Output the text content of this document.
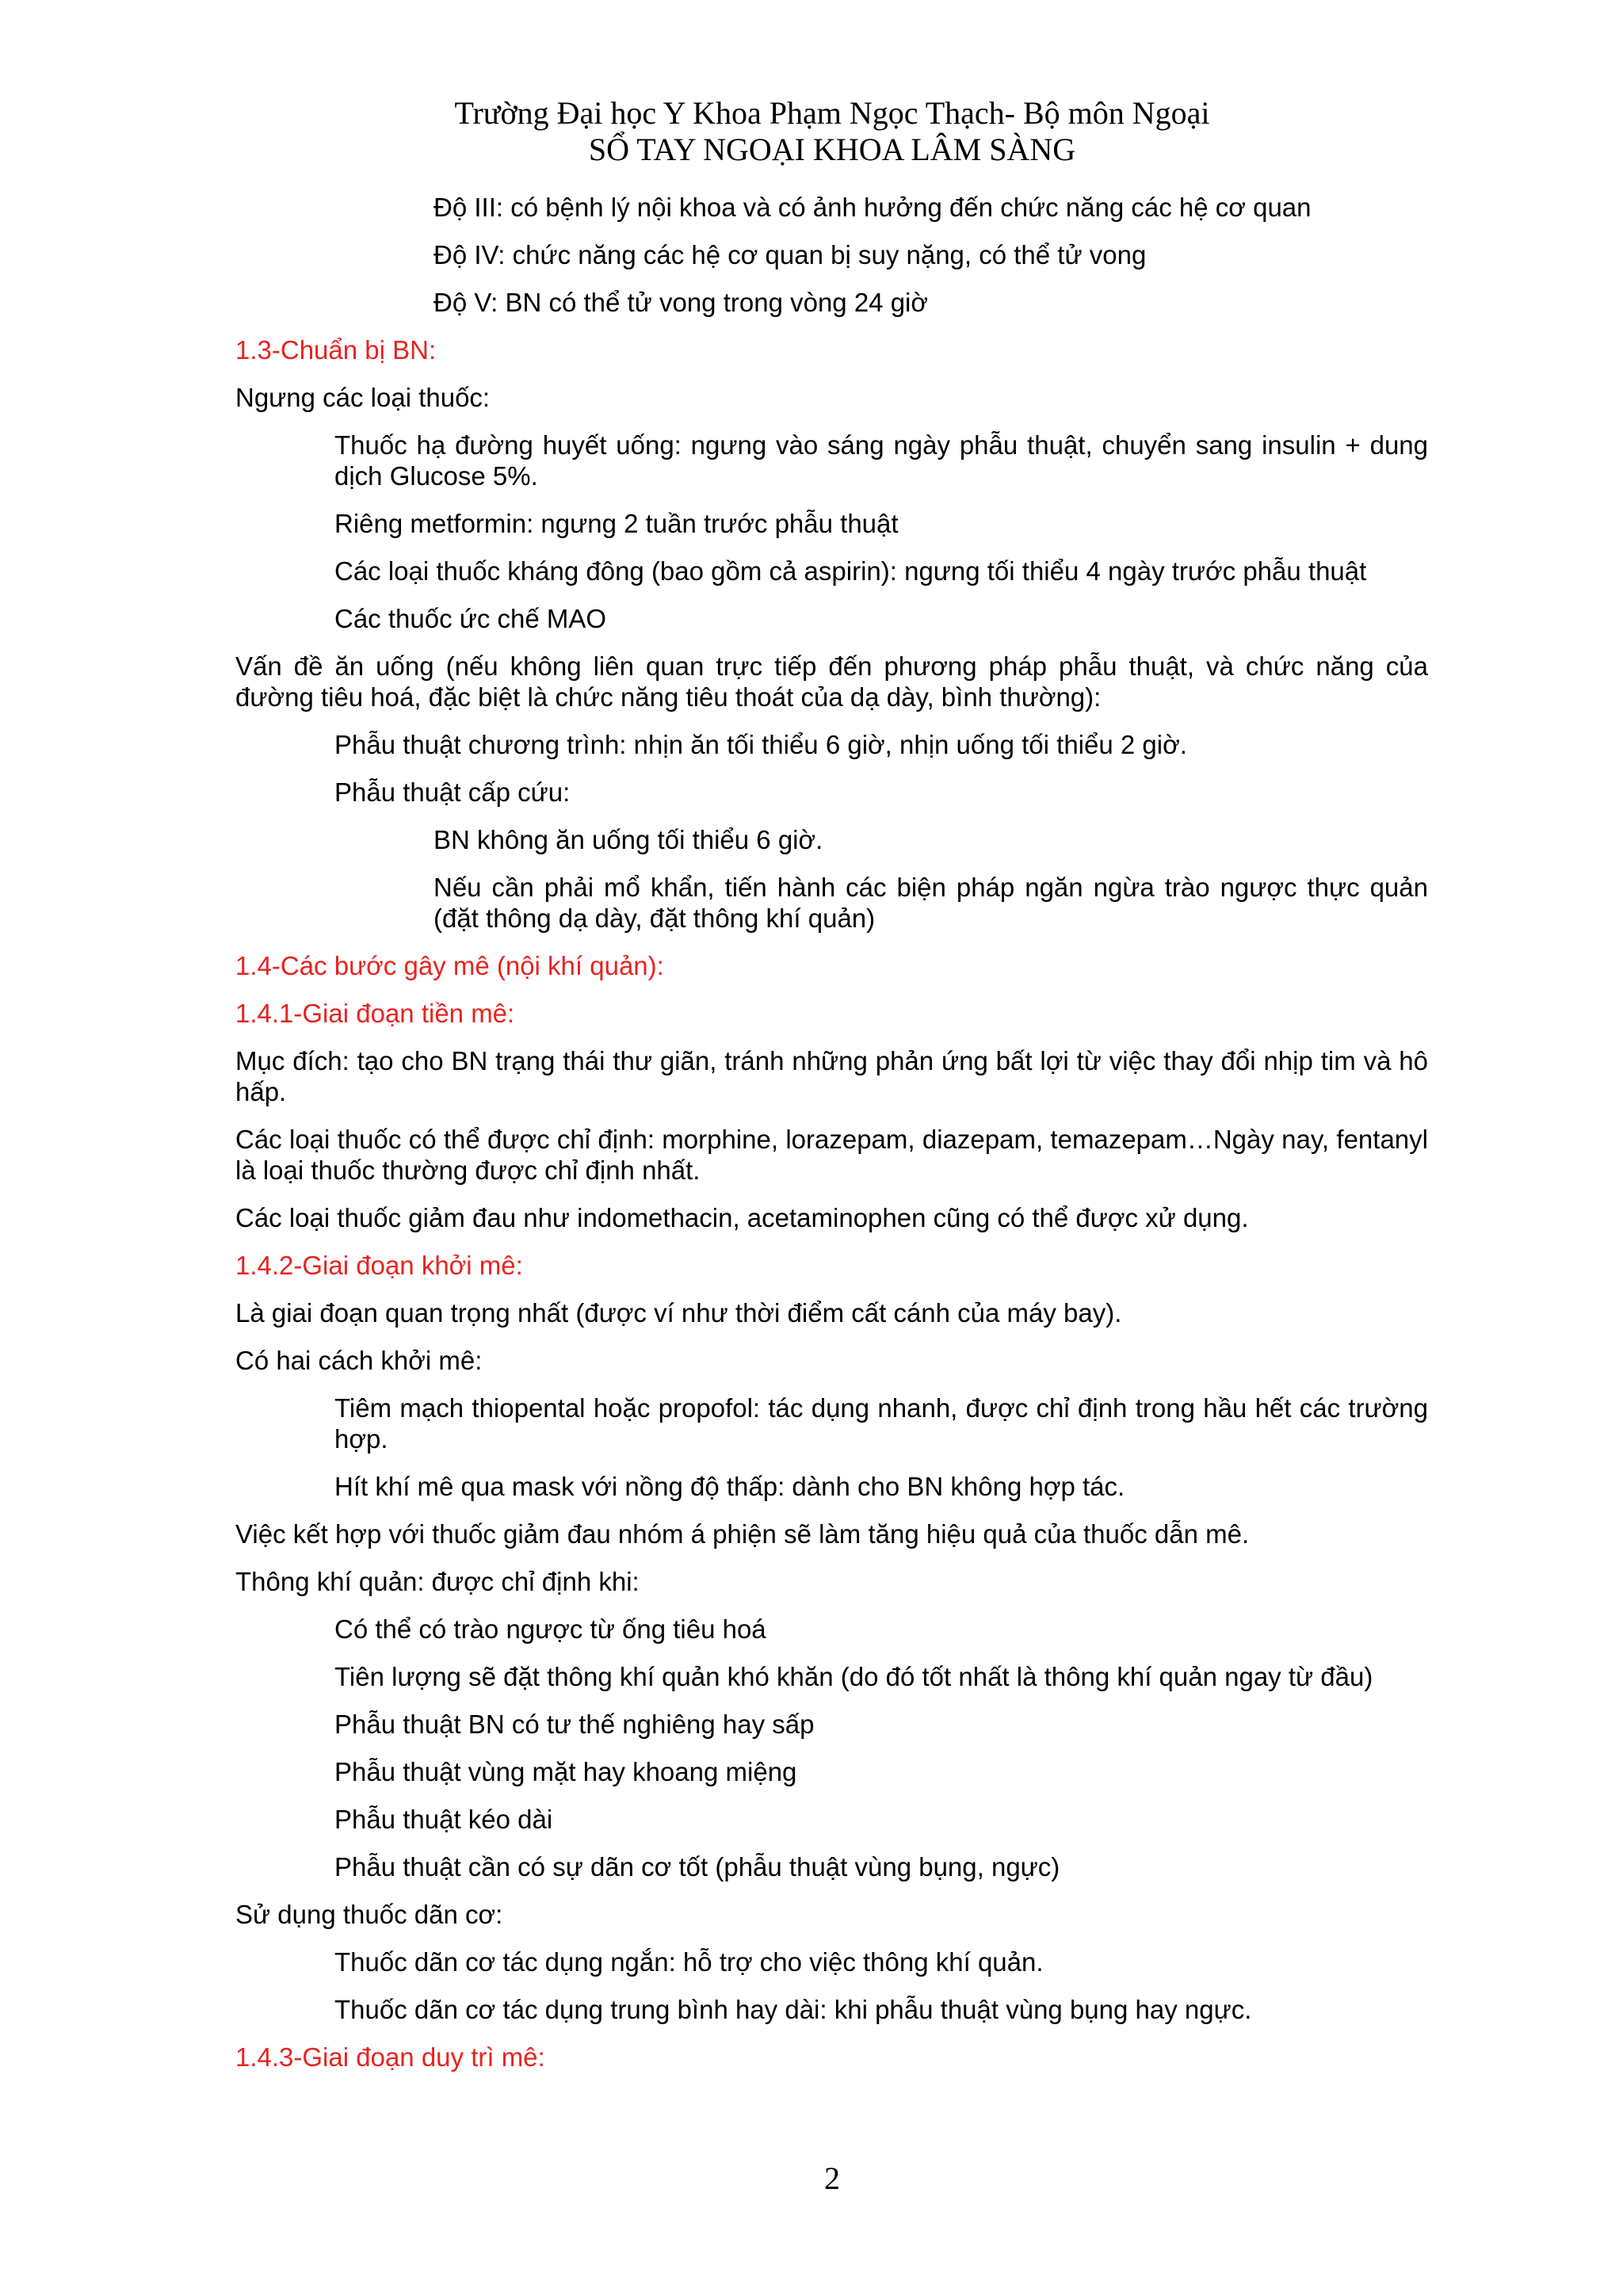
Trường Đại học Y Khoa Phạm Ngọc Thạch- Bộ môn Ngoại
SỔ TAY NGOẠI KHOA LÂM SÀNG

Độ III: có bệnh lý nội khoa và có ảnh hưởng đến chức năng các hệ cơ quan

Độ IV: chức năng các hệ cơ quan bị suy nặng, có thể tử vong

Độ V: BN có thể tử vong trong vòng 24 giờ

1.3-Chuẩn bị BN:

Ngưng các loại thuốc:

Thuốc hạ đường huyết uống: ngưng vào sáng ngày phẫu thuật, chuyển sang insulin + dung dịch Glucose 5%.

Riêng metformin: ngưng 2 tuần trước phẫu thuật

Các loại thuốc kháng đông (bao gồm cả aspirin): ngưng tối thiểu 4 ngày trước phẫu thuật

Các thuốc ức chế MAO

Vấn đề ăn uống (nếu không liên quan trực tiếp đến phương pháp phẫu thuật, và chức năng của đường tiêu hoá, đặc biệt là chức năng tiêu thoát của dạ dày, bình thường):

Phẫu thuật chương trình: nhịn ăn tối thiểu 6 giờ, nhịn uống tối thiểu 2 giờ.

Phẫu thuật cấp cứu:

BN không ăn uống tối thiểu 6 giờ.

Nếu cần phải mổ khẩn, tiến hành các biện pháp ngăn ngừa trào ngược thực quản (đặt thông dạ dày, đặt thông khí quản)

1.4-Các bước gây mê (nội khí quản):

1.4.1-Giai đoạn tiền mê:

Mục đích: tạo cho BN trạng thái thư giãn, tránh những phản ứng bất lợi từ việc thay đổi nhịp tim và hô hấp.

Các loại thuốc có thể được chỉ định: morphine, lorazepam, diazepam, temazepam…Ngày nay, fentanyl là loại thuốc thường được chỉ định nhất.

Các loại thuốc giảm đau như indomethacin, acetaminophen cũng có thể được xử dụng.

1.4.2-Giai đoạn khởi mê:

Là giai đoạn quan trọng nhất (được ví như thời điểm cất cánh của máy bay).

Có hai cách khởi mê:

Tiêm mạch thiopental hoặc propofol: tác dụng nhanh, được chỉ định trong hầu hết các trường hợp.

Hít khí mê qua mask với nồng độ thấp: dành cho BN không hợp tác.

Việc kết hợp với thuốc giảm đau nhóm á phiện sẽ làm tăng hiệu quả của thuốc dẫn mê.

Thông khí quản: được chỉ định khi:

Có thể có trào ngược từ ống tiêu hoá

Tiên lượng sẽ đặt thông khí quản khó khăn (do đó tốt nhất là thông khí quản ngay từ đầu)

Phẫu thuật BN có tư thế nghiêng hay sấp

Phẫu thuật vùng mặt hay khoang miệng

Phẫu thuật kéo dài

Phẫu thuật cần có sự dãn cơ tốt (phẫu thuật vùng bụng, ngực)

Sử dụng thuốc dãn cơ:

Thuốc dãn cơ tác dụng ngắn: hỗ trợ cho việc thông khí quản.

Thuốc dãn cơ tác dụng trung bình hay dài: khi phẫu thuật vùng bụng hay ngực.

1.4.3-Giai đoạn duy trì mê:

2
